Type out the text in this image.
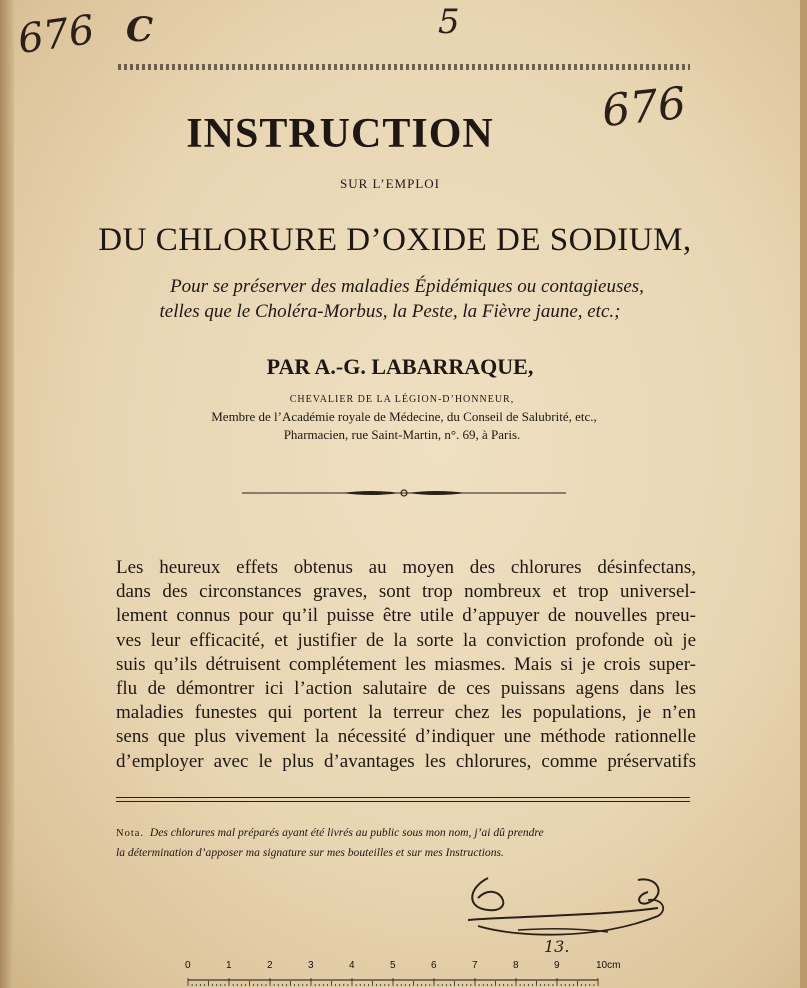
676 C	5
676
INSTRUCTION
SUR L’EMPLOI
DU CHLORURE D’OXIDE DE SODIUM,
Pour se préserver des maladies Épidémiques ou contagieuses,
telles que le Choléra-Morbus, la Peste, la Fièvre jaune, etc.;
PAR A.-G. LABARRAQUE,
CHEVALIER DE LA LÉGION-D’HONNEUR,
Membre de l’Académie royale de Médecine, du Conseil de Salubrité, etc.,
Pharmacien, rue Saint-Martin, n°. 69, à Paris.
Les heureux effets obtenus au moyen des chlorures désinfectans,
dans des circonstances graves, sont trop nombreux et trop universel-
lement connus pour qu’il puisse être utile d’appuyer de nouvelles preu-
ves leur efficacité, et justifier de la sorte la conviction profonde où je
suis qu’ils détruisent complétement les miasmes. Mais si je crois super-
flu de démontrer ici l’action salutaire de ces puissans agens dans les
maladies funestes qui portent la terreur chez les populations, je n’en
sens que plus vivement la nécessité d’indiquer une méthode rationnelle
d’employer avec le plus d’avantages les chlorures, comme préservatifs
Nota. Des chlorures mal préparés ayant été livrés au public sous mon nom, j’ai dû prendre
la détermination d’apposer ma signature sur mes bouteilles et sur mes Instructions.
13.
0	1	2	3	4	5	6	7	8	9	10cm
